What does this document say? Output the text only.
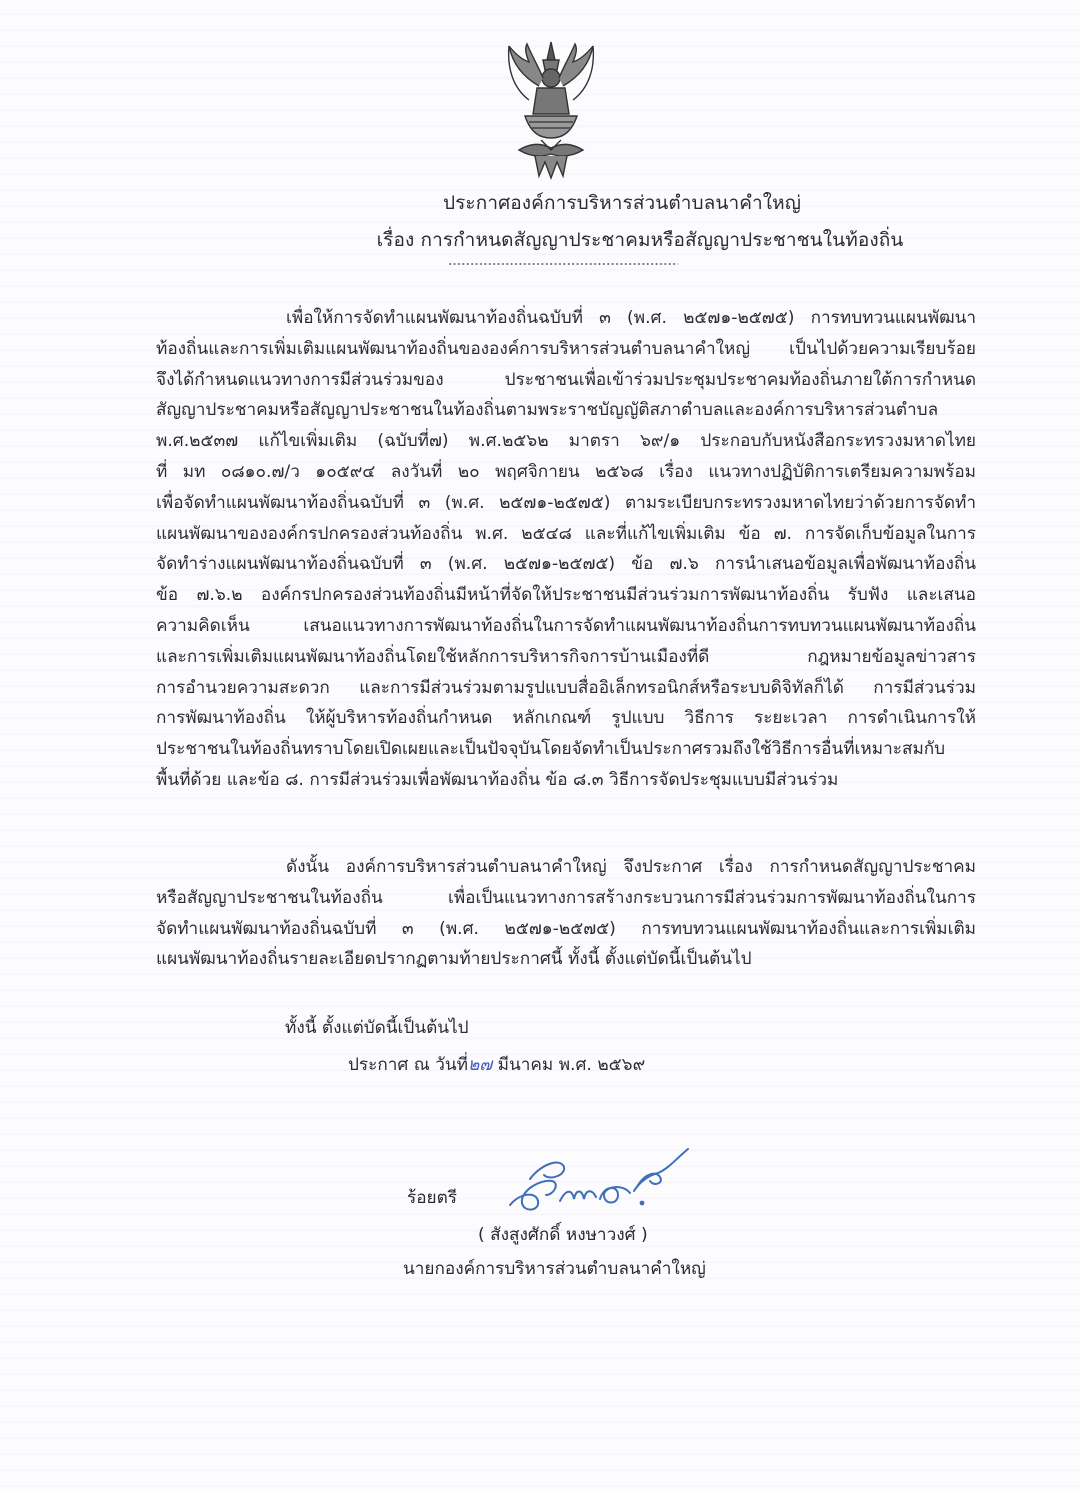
ประกาศองค์การบริหารส่วนตำบลนาคำใหญ่
เรื่อง การกำหนดสัญญาประชาคมหรือสัญญาประชาชนในท้องถิ่น
เพื่อให้การจัดทำแผนพัฒนาท้องถิ่นฉบับที่ ๓ (พ.ศ. ๒๕๗๑-๒๕๗๕) การทบทวนแผนพัฒนา
ท้องถิ่นและการเพิ่มเติมแผนพัฒนาท้องถิ่นขององค์การบริหารส่วนตำบลนาคำใหญ่ เป็นไปด้วยความเรียบร้อย
จึงได้กำหนดแนวทางการมีส่วนร่วมของ ประชาชนเพื่อเข้าร่วมประชุมประชาคมท้องถิ่นภายใต้การกำหนด
สัญญาประชาคมหรือสัญญาประชาชนในท้องถิ่นตามพระราชบัญญัติสภาตำบลและองค์การบริหารส่วนตำบล
พ.ศ.๒๕๓๗ แก้ไขเพิ่มเติม (ฉบับที่๗) พ.ศ.๒๕๖๒ มาตรา ๖๙/๑ ประกอบกับหนังสือกระทรวงมหาดไทย
ที่ มท ๐๘๑๐.๗/ว ๑๐๕๙๔ ลงวันที่ ๒๐ พฤศจิกายน ๒๕๖๘ เรื่อง แนวทางปฏิบัติการเตรียมความพร้อม
เพื่อจัดทำแผนพัฒนาท้องถิ่นฉบับที่ ๓ (พ.ศ. ๒๕๗๑-๒๕๗๕) ตามระเบียบกระทรวงมหาดไทยว่าด้วยการจัดทำ
แผนพัฒนาขององค์กรปกครองส่วนท้องถิ่น พ.ศ. ๒๕๔๘ และที่แก้ไขเพิ่มเติม ข้อ ๗. การจัดเก็บข้อมูลในการ
จัดทำร่างแผนพัฒนาท้องถิ่นฉบับที่ ๓ (พ.ศ. ๒๕๗๑-๒๕๗๕) ข้อ ๗.๖ การนำเสนอข้อมูลเพื่อพัฒนาท้องถิ่น
ข้อ ๗.๖.๒ องค์กรปกครองส่วนท้องถิ่นมีหน้าที่จัดให้ประชาชนมีส่วนร่วมการพัฒนาท้องถิ่น รับฟัง และเสนอ
ความคิดเห็น เสนอแนวทางการพัฒนาท้องถิ่นในการจัดทำแผนพัฒนาท้องถิ่นการทบทวนแผนพัฒนาท้องถิ่น
และการเพิ่มเติมแผนพัฒนาท้องถิ่นโดยใช้หลักการบริหารกิจการบ้านเมืองที่ดี กฎหมายข้อมูลข่าวสาร
การอำนวยความสะดวก และการมีส่วนร่วมตามรูปแบบสื่ออิเล็กทรอนิกส์หรือระบบดิจิทัลก็ได้ การมีส่วนร่วม
การพัฒนาท้องถิ่น ให้ผู้บริหารท้องถิ่นกำหนด หลักเกณฑ์ รูปแบบ วิธีการ ระยะเวลา การดำเนินการให้
ประชาชนในท้องถิ่นทราบโดยเปิดเผยและเป็นปัจจุบันโดยจัดทำเป็นประกาศรวมถึงใช้วิธีการอื่นที่เหมาะสมกับ
พื้นที่ด้วย และข้อ ๘. การมีส่วนร่วมเพื่อพัฒนาท้องถิ่น ข้อ ๘.๓ วิธีการจัดประชุมแบบมีส่วนร่วม
ดังนั้น องค์การบริหารส่วนตำบลนาคำใหญ่ จึงประกาศ เรื่อง การกำหนดสัญญาประชาคม
หรือสัญญาประชาชนในท้องถิ่น เพื่อเป็นแนวทางการสร้างกระบวนการมีส่วนร่วมการพัฒนาท้องถิ่นในการ
จัดทำแผนพัฒนาท้องถิ่นฉบับที่ ๓ (พ.ศ. ๒๕๗๑-๒๕๗๕) การทบทวนแผนพัฒนาท้องถิ่นและการเพิ่มเติม
แผนพัฒนาท้องถิ่นรายละเอียดปรากฏตามท้ายประกาศนี้ ทั้งนี้ ตั้งแต่บัดนี้เป็นต้นไป
ทั้งนี้ ตั้งแต่บัดนี้เป็นต้นไป
ประกาศ ณ วันที่๒๗ มีนาคม พ.ศ. ๒๕๖๙
ร้อยตรี
( สังสูงศักดิ์ หงษาวงศ์ )
นายกองค์การบริหารส่วนตำบลนาคำใหญ่
